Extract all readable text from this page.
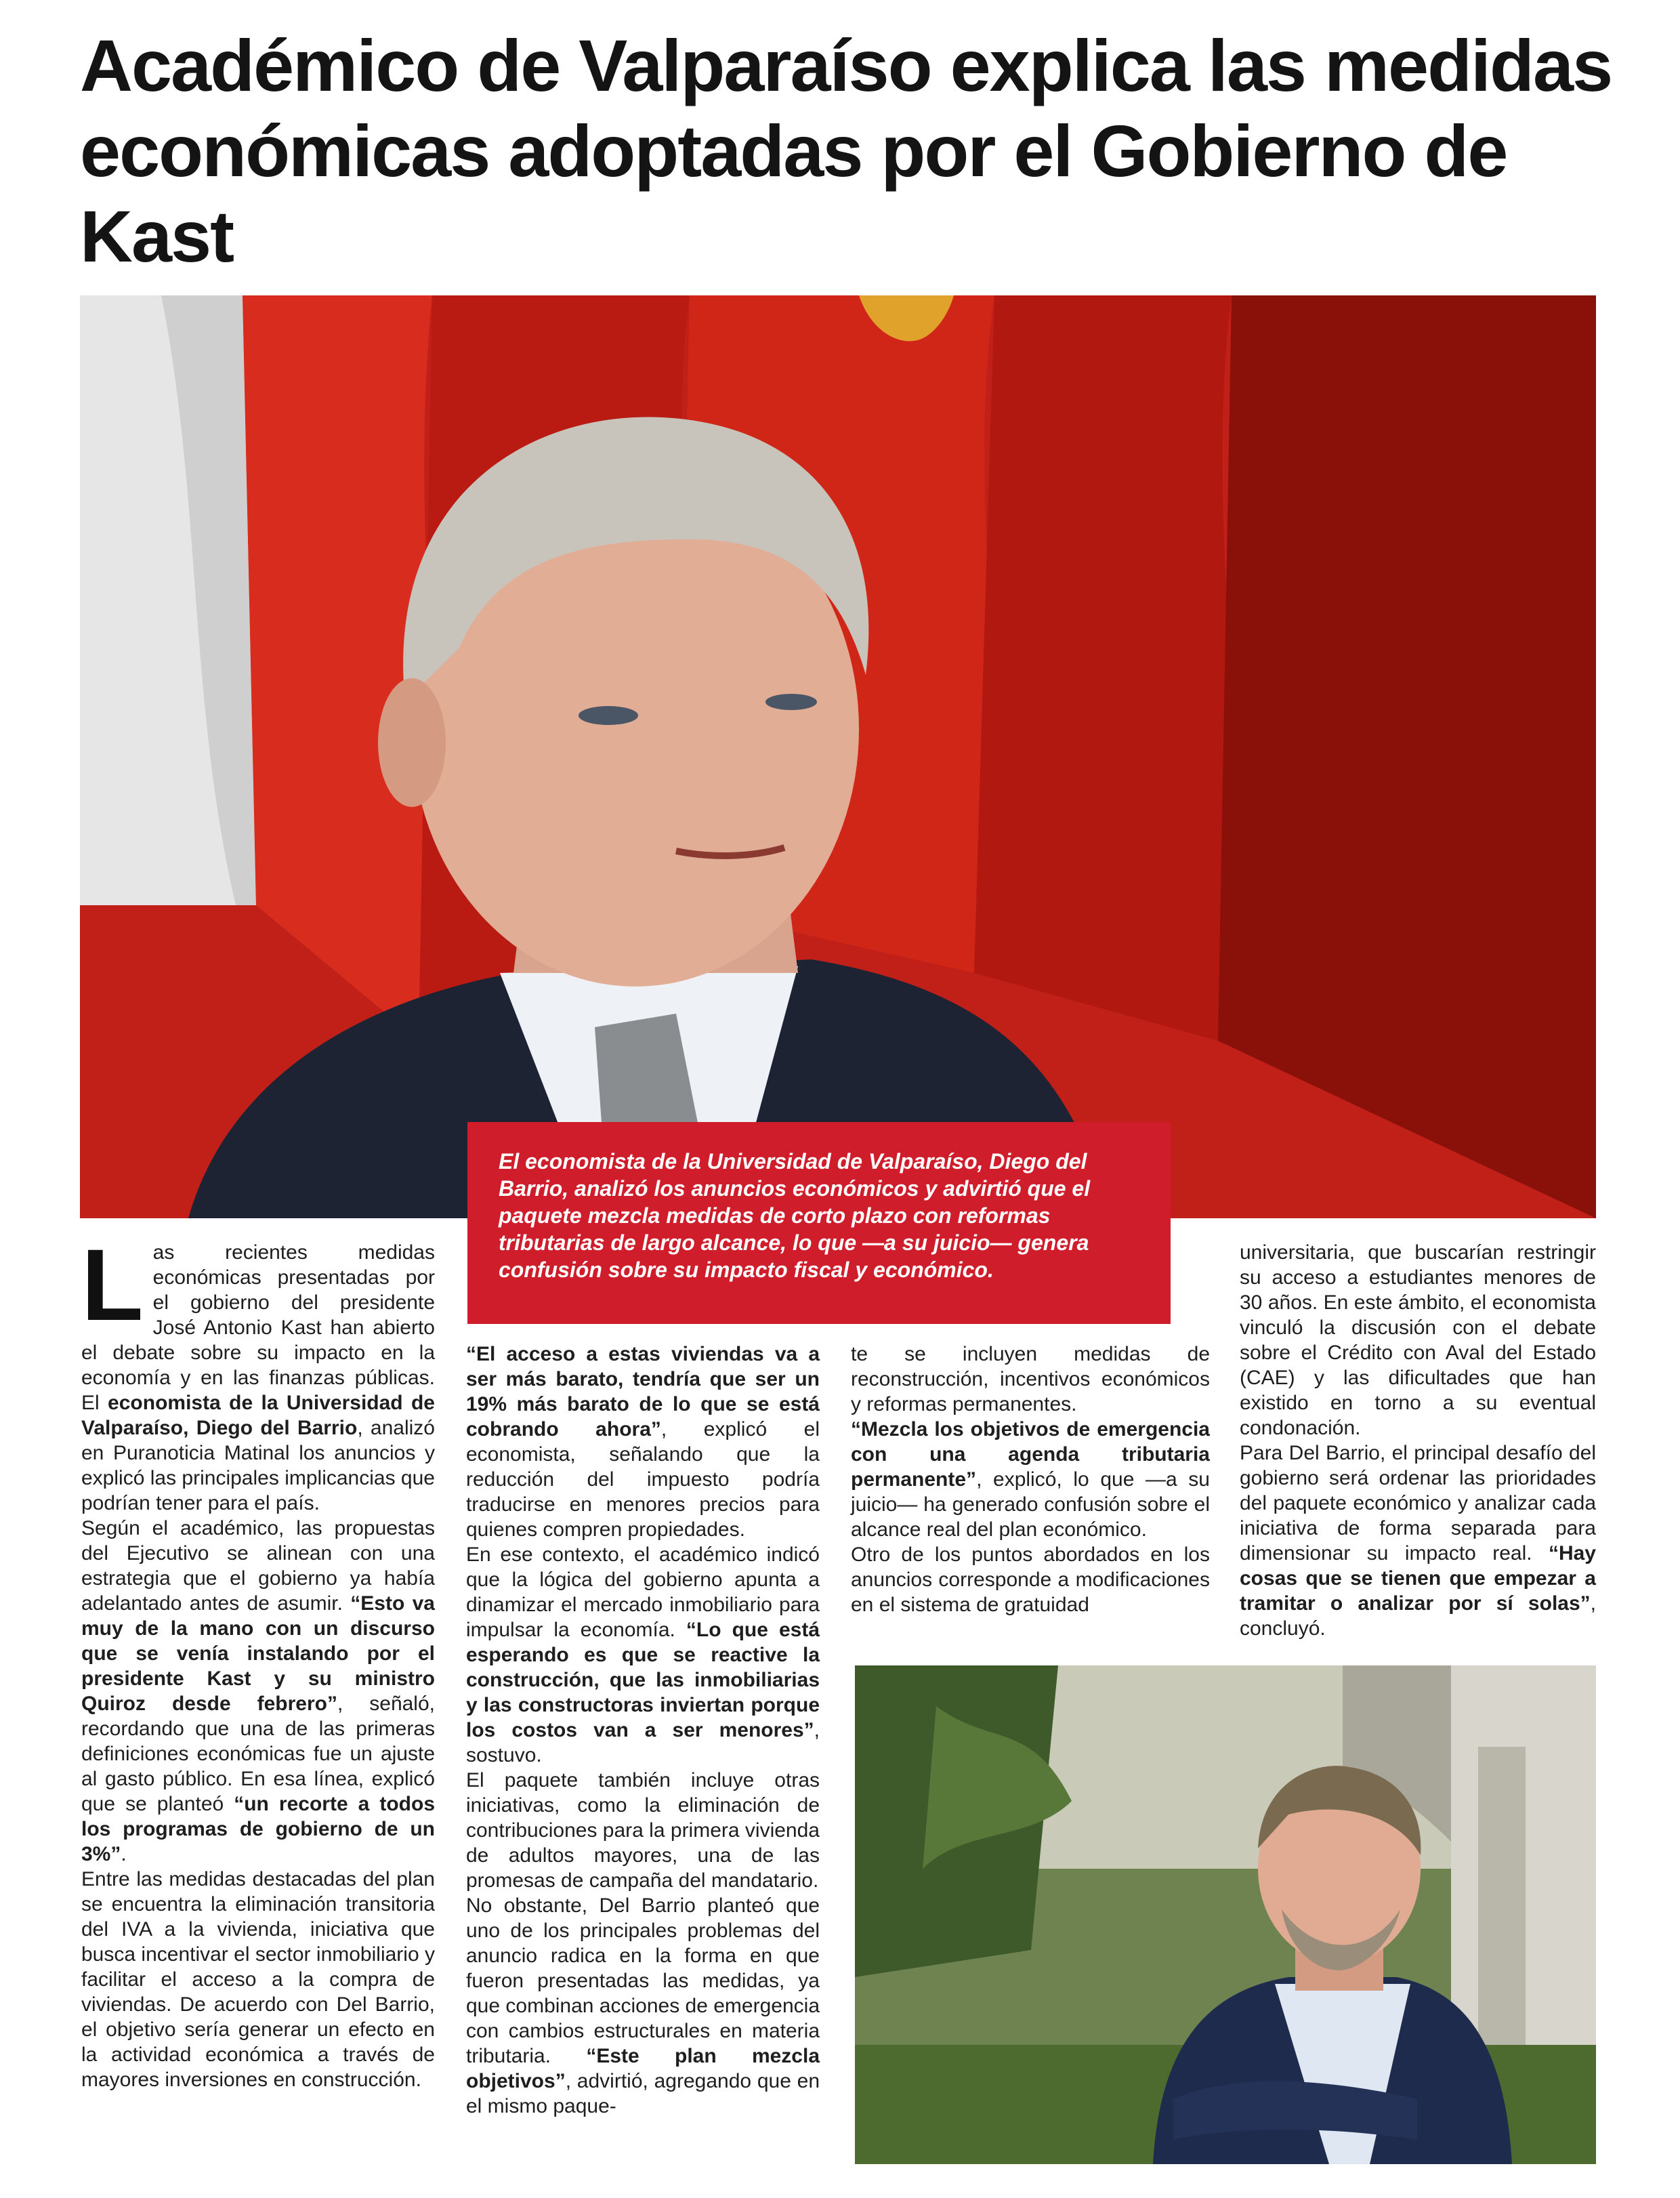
Académico de Valparaíso explica las medidas económicas adoptadas por el Gobierno de Kast
El economista de la Universidad de Valparaíso, Diego del Barrio, analizó los anuncios económicos y advirtió que el paquete mezcla medidas de corto plazo con reformas tributarias de largo alcance, lo que —a su juicio— genera confusión sobre su impacto fiscal y económico.
L as recientes medidas económicas presentadas por el gobierno del presidente José Antonio Kast han abierto el debate sobre su impacto en la economía y en las finanzas públicas. El economista de la Universidad de Valparaíso, Diego del Barrio, analizó en Puranoticia Matinal los anuncios y explicó las principales implicancias que podrían tener para el país.

Según el académico, las propuestas del Ejecutivo se alinean con una estrategia que el gobierno ya había adelantado antes de asumir. “Esto va muy de la mano con un discurso que se venía instalando por el presidente Kast y su ministro Quiroz desde febrero”, señaló, recordando que una de las primeras definiciones económicas fue un ajuste al gasto público. En esa línea, explicó que se planteó “un recorte a todos los programas de gobierno de un 3%”.

Entre las medidas destacadas del plan se encuentra la eliminación transitoria del IVA a la vivienda, iniciativa que busca incentivar el sector inmobiliario y facilitar el acceso a la compra de viviendas. De acuerdo con Del Barrio, el objetivo sería generar un efecto en la actividad económica a través de mayores inversiones en construcción.

“El acceso a estas viviendas va a ser más barato, tendría que ser un 19% más barato de lo que se está cobrando ahora”, explicó el economista, señalando que la reducción del impuesto podría traducirse en menores precios para quienes compren propiedades.

En ese contexto, el académico indicó que la lógica del gobierno apunta a dinamizar el mercado inmobiliario para impulsar la economía. “Lo que está esperando es que se reactive la construcción, que las inmobiliarias y las constructoras inviertan porque los costos van a ser menores”, sostuvo.

El paquete también incluye otras iniciativas, como la eliminación de contribuciones para la primera vivienda de adultos mayores, una de las promesas de campaña del mandatario.

No obstante, Del Barrio planteó que uno de los principales problemas del anuncio radica en la forma en que fueron presentadas las medidas, ya que combinan acciones de emergencia con cambios estructurales en materia tributaria. “Este plan mezcla objetivos”, advirtió, agregando que en el mismo paque-

te se incluyen medidas de reconstrucción, incentivos económicos y reformas permanentes.

“Mezcla los objetivos de emergencia con una agenda tributaria permanente”, explicó, lo que —a su juicio— ha generado confusión sobre el alcance real del plan económico.

Otro de los puntos abordados en los anuncios corresponde a modificaciones en el sistema de gratuidad

universitaria, que buscarían restringir su acceso a estudiantes menores de 30 años. En este ámbito, el economista vinculó la discusión con el debate sobre el Crédito con Aval del Estado (CAE) y las dificultades que han existido en torno a su eventual condonación.

Para Del Barrio, el principal desafío del gobierno será ordenar las prioridades del paquete económico y analizar cada iniciativa de forma separada para dimensionar su impacto real. “Hay cosas que se tienen que empezar a tramitar o analizar por sí solas”, concluyó.
